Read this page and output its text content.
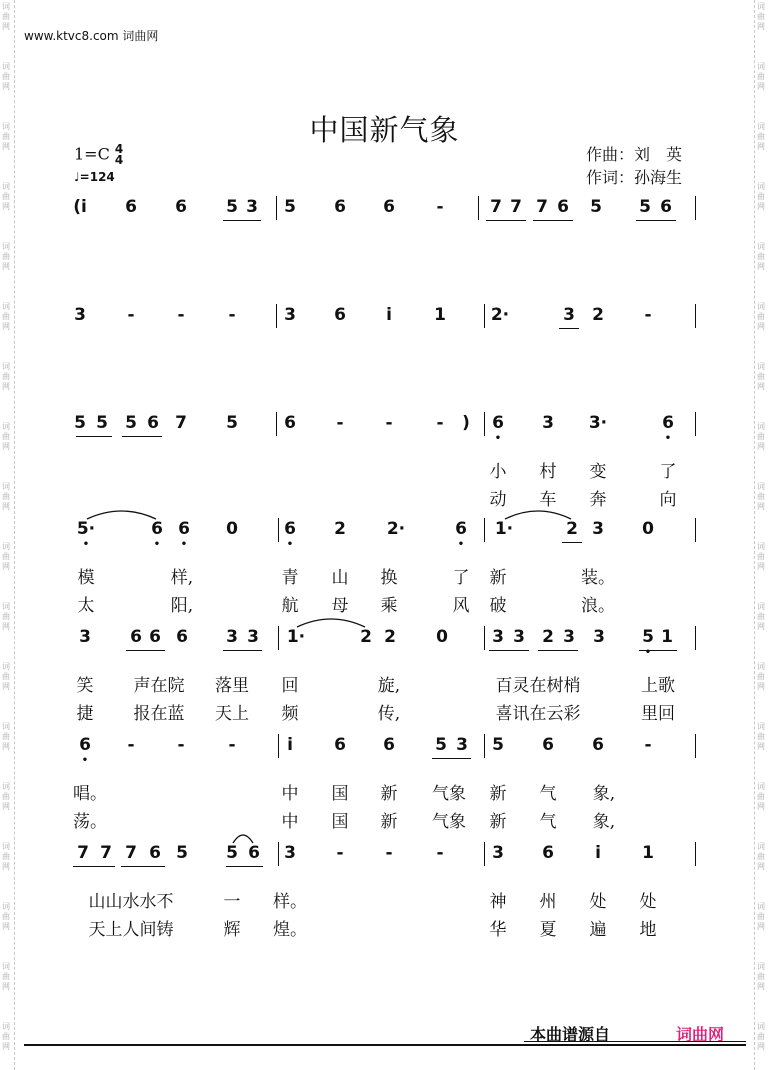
词
曲
网
词
曲
网
词
曲
网
词
曲
网
词
曲
网
词
曲
网
词
曲
网
词
曲
网
词
曲
网
词
曲
网
词
曲
网
词
曲
网
词
曲
网
词
曲
网
词
曲
网
词
曲
网
词
曲
网
词
曲
网
词
曲
网
词
曲
网
词
曲
网
词
曲
网
词
曲
网
词
曲
网
词
曲
网
词
曲
网
词
曲
网
词
曲
网
词
曲
网
词
曲
网
词
曲
网
词
曲
网
词
曲
网
词
曲
网
词
曲
网
词
曲
网
www.ktvc8.com 词曲网
中国新气象
1=C 4
4
♩=124
作曲：刘　英
作词：孙海生
(i 6 6 5 3 5 6 6 -	7 7 7 6 5 5 6
3 -	-	-	3 6 i 1	2·	3 2 -
5 5 5 6 7 5	6 - -	- ) 6
•
3 3·	6
•
小 村 变	了
动 车 奔	向
5·
•
6
•
6
•
0	6
•
2 2·	6
•
1·	2 3 0
模	样,	青 山 换	了 新	装。
太	阳,	航 母 乘	风 破	浪。
3 6 6 6 3 3 1·	2 2 0	3 3 2 3 3 5
•
1
笑 声在院 落里 回	旋,	百灵在树梢	上歌
捷 报在蓝 天上 频	传,	喜讯在云彩	里回
6
•
-	-	-	i 6 6 5 3 5 6 6 -
唱。	中 国 新 气象 新 气 象,
荡。	中 国 新 气象 新 气 象,
7 7 7 6 5 5 6 3 - -	-	3 6 i 1
山山水水不	一 样。	神 州 处 处
天上人间铸	辉 煌。	华 夏 遍 地
本曲谱源自	词曲网
